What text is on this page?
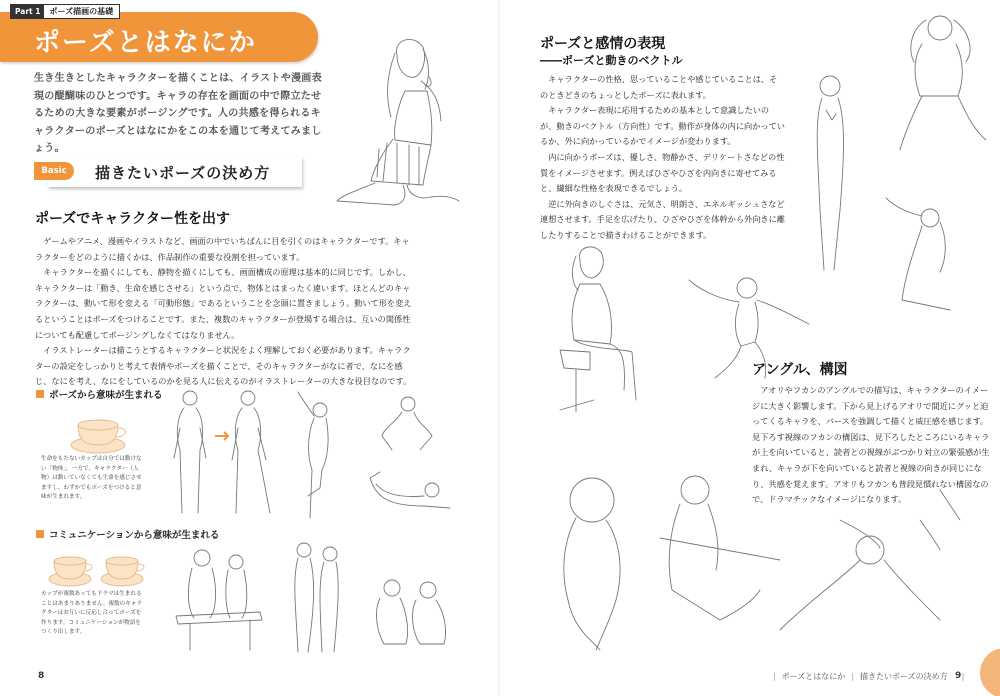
ポーズとはなにか
Part 1	ポーズ描画の基礎
生き生きとしたキャラクターを描くことは、イラストや漫画表現の醍醐味のひとつです。キャラの存在を画面の中で際立たせるための大きな要素がポージングです。人の共感を得られるキャラクターのポーズとはなにかをこの本を通じて考えてみましょう。
Basic	描きたいポーズの決め方
ポーズでキャラクター性を出す

ゲームやアニメ、漫画やイラストなど、画面の中でいちばんに目を引くのはキャラクターです。キャラクターをどのように描くかは、作品制作の重要な役割を担っています。

キャラクターを描くにしても、静物を描くにしても、画面構成の原理は基本的に同じです。しかし、キャラクターは「動き、生命を感じさせる」という点で、物体とはまったく違います。ほとんどのキャラクターは、動いて形を変える「可動形態」であるということを念頭に置きましょう。動いて形を変えるということはポーズをつけることです。また、複数のキャラクターが登場する場合は、互いの関係性についても配慮してポージングしなくてはなりません。

イラストレーターは描こうとするキャラクターと状況をよく理解しておく必要があります。キャラクターの設定をしっかりと考えて表情やポーズを描くことで、そのキャラクターがなに者で、なにを感じ、なにを考え、なにをしているのかを見る人に伝えるのがイラストレーターの大きな役目なのです。

ポーズから意味が生まれる
生命をもたないカップは自分では動けない「物体」。一方で、キャラクター（人物）は動いていなくても生命を感じさせますし、わずかでもポーズをつけると意味が生まれます。
コミュニケーションから意味が生まれる
カップが複数あってもドラマは生まれることはあまりありません。複数のキャラクターはお互いに反応し合ってポーズを作ります。コミュニケーションが物語をつくり出します。
8
ポーズと感情の表現
――ポーズと動きのベクトル

キャラクターの性格、思っていることや感じていることは、そのときどきのちょっとしたポーズに表れます。

キャラクター表現に応用するための基本として意識したいのが、動きのベクトル（方向性）です。動作が身体の内に向かっているか、外に向かっているかでイメージが変わります。

内に向かうポーズは、優しさ、物静かさ、デリケートさなどの性質をイメージさせます。例えばひざやひざを内向きに寄せてみると、繊細な性格を表現できるでしょう。

逆に外向きのしぐさは、元気さ、明朗さ、エネルギッシュさなど連想させます。手足を広げたり、ひざやひざを体幹から外向きに離したりすることで描きわけることができます。

アングル、構図

アオリやフカンのアングルでの描写は、キャラクターのイメージに大きく影響します。下から見上げるアオリで間近にグッと迫ってくるキャラを、パースを強調して描くと威圧感を感じます。見下ろす視線のフカンの構図は、見下ろしたところにいるキャラが上を向いていると、読者との視線がぶつかり対立の緊張感が生まれ、キャラが下を向いていると読者と視線の向きが同じになり、共感を覚えます。アオリもフカンも普段見慣れない構図なので、ドラマチックなイメージになります。

| ポーズとはなにか | 描きたいポーズの決め方 |
9
